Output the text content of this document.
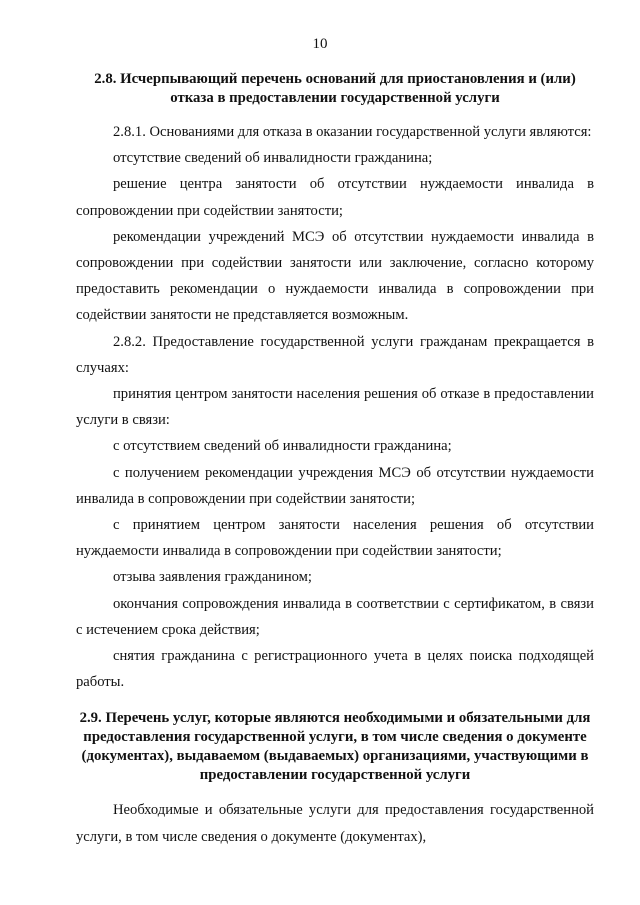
10
2.8. Исчерпывающий перечень оснований для приостановления и (или) отказа в предоставлении государственной услуги

2.8.1. Основаниями для отказа в оказании государственной услуги являются:

отсутствие сведений об инвалидности гражданина;

решение центра занятости об отсутствии нуждаемости инвалида в сопровождении при содействии занятости;

рекомендации учреждений МСЭ об отсутствии нуждаемости инвалида в сопровождении при содействии занятости или заключение, согласно которому предоставить рекомендации о нуждаемости инвалида в сопровождении при содействии занятости не представляется возможным.

2.8.2. Предоставление государственной услуги гражданам прекращается в случаях:

принятия центром занятости населения решения об отказе в предоставлении услуги в связи:

с отсутствием сведений об инвалидности гражданина;

с получением рекомендации учреждения МСЭ об отсутствии нуждаемости инвалида в сопровождении при содействии занятости;

с принятием центром занятости населения решения об отсутствии нуждаемости инвалида в сопровождении при содействии занятости;

отзыва заявления гражданином;

окончания сопровождения инвалида в соответствии с сертификатом, в связи с истечением срока действия;

снятия гражданина с регистрационного учета в целях поиска подходящей работы.

2.9. Перечень услуг, которые являются необходимыми и обязательными для предоставления государственной услуги, в том числе сведения о документе (документах), выдаваемом (выдаваемых) организациями, участвующими в предоставлении государственной услуги

Необходимые и обязательные услуги для предоставления государственной услуги, в том числе сведения о документе (документах),
